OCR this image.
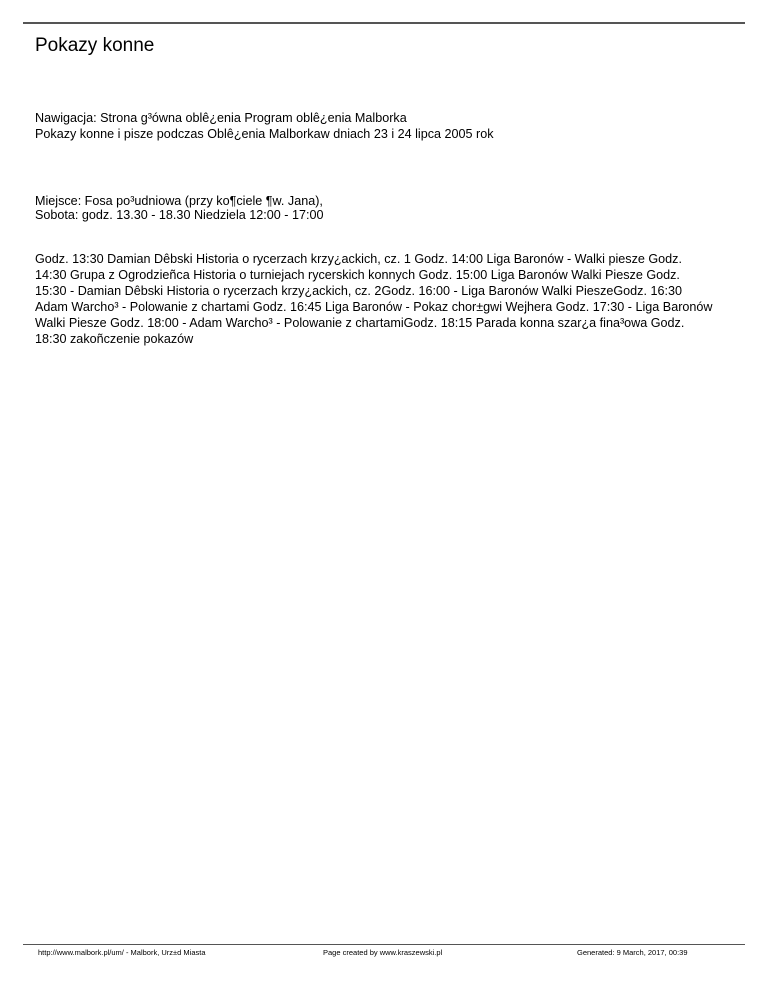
Pokazy konne
Nawigacja: Strona g³ówna oblê¿enia Program oblê¿enia Malborka
Pokazy konne i pisze podczas Oblê¿enia Malborkaw dniach 23 i 24 lipca 2005 rok
Miejsce: Fosa po³udniowa (przy ko¶ciele ¶w. Jana),
Sobota: godz. 13.30 - 18.30 Niedziela 12:00 - 17:00

Godz. 13:30 Damian Dêbski Historia o rycerzach krzy¿ackich, cz. 1 Godz. 14:00 Liga Baronów - Walki piesze Godz.
14:30 Grupa z Ogrodzieñca Historia o turniejach rycerskich konnych Godz. 15:00 Liga Baronów Walki Piesze Godz.
15:30 - Damian Dêbski Historia o rycerzach krzy¿ackich, cz. 2Godz. 16:00 - Liga Baronów Walki PieszeGodz. 16:30
Adam Warcho³ - Polowanie z chartami Godz. 16:45 Liga Baronów - Pokaz chor±gwi Wejhera Godz. 17:30 - Liga Baronów
Walki Piesze Godz. 18:00 - Adam Warcho³ - Polowanie z chartamiGodz. 18:15 Parada konna szar¿a fina³owa Godz.
18:30 zakoñczenie pokazów

http://www.malbork.pl/um/ - Malbork, Urz±d Miasta	Page created by www.kraszewski.pl	Generated: 9 March, 2017, 00:39
